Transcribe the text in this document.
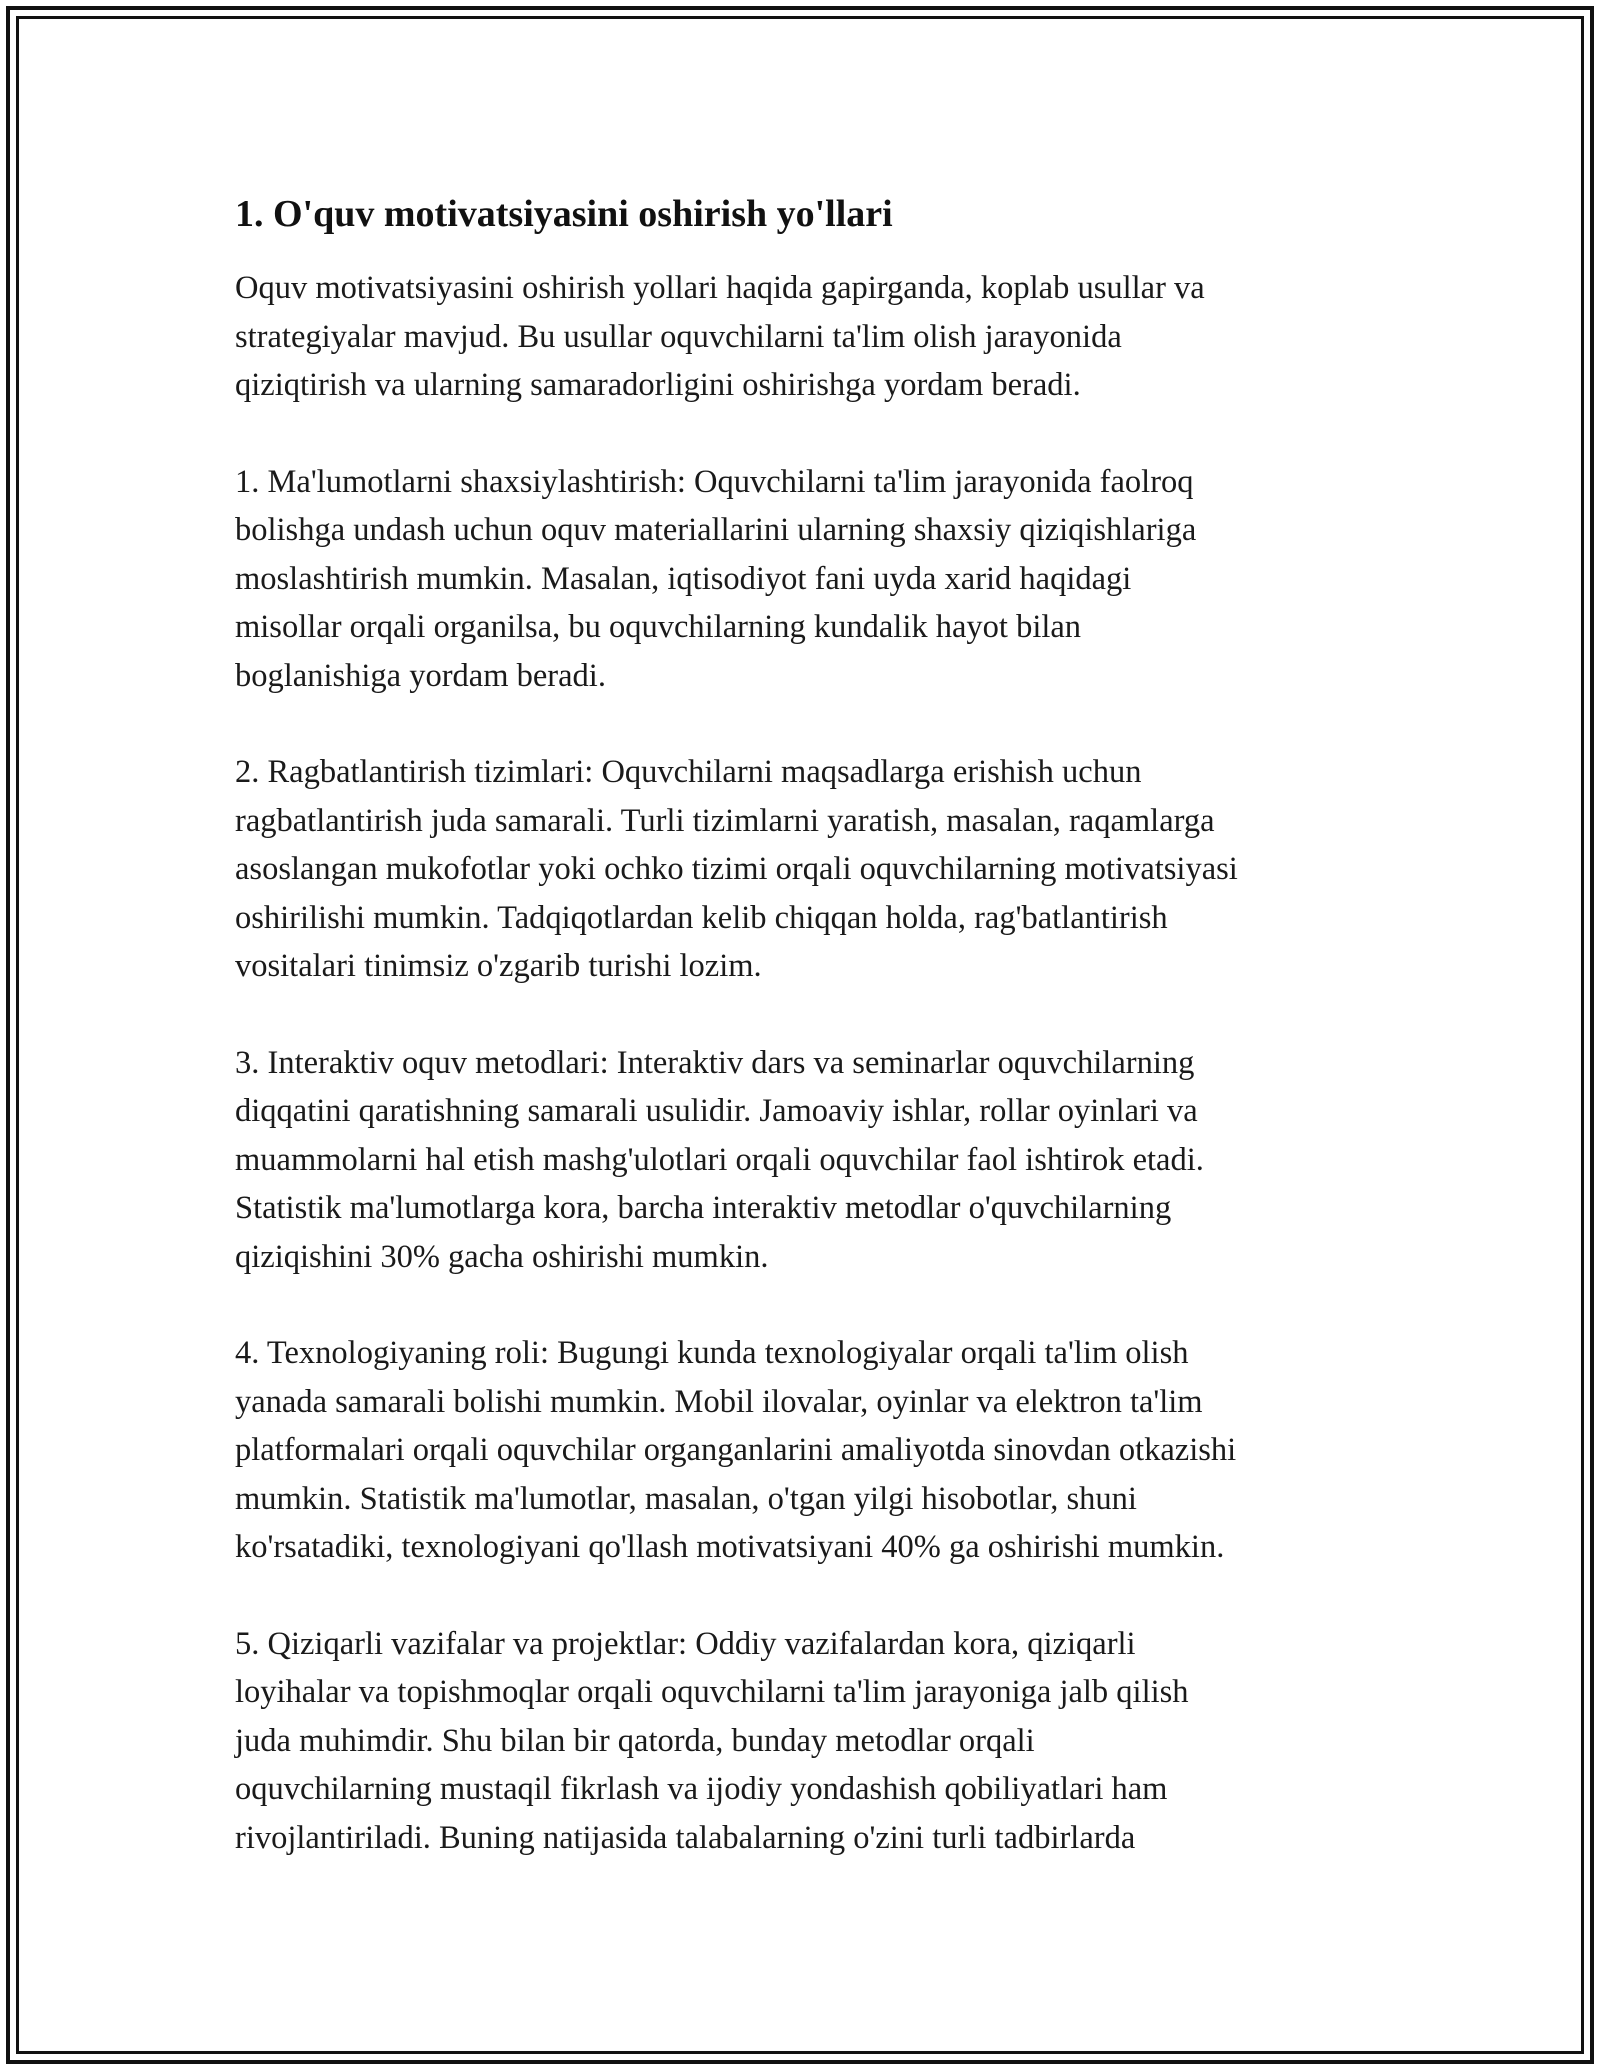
1. O'quv motivatsiyasini oshirish yo'llari

Oquv motivatsiyasini oshirish yollari haqida gapirganda, koplab usullar va
strategiyalar mavjud. Bu usullar oquvchilarni ta'lim olish jarayonida
qiziqtirish va ularning samaradorligini oshirishga yordam beradi.

1. Ma'lumotlarni shaxsiylashtirish: Oquvchilarni ta'lim jarayonida faolroq
bolishga undash uchun oquv materiallarini ularning shaxsiy qiziqishlariga
moslashtirish mumkin. Masalan, iqtisodiyot fani uyda xarid haqidagi
misollar orqali organilsa, bu oquvchilarning kundalik hayot bilan
boglanishiga yordam beradi.

2. Ragbatlantirish tizimlari: Oquvchilarni maqsadlarga erishish uchun
ragbatlantirish juda samarali. Turli tizimlarni yaratish, masalan, raqamlarga
asoslangan mukofotlar yoki ochko tizimi orqali oquvchilarning motivatsiyasi
oshirilishi mumkin. Tadqiqotlardan kelib chiqqan holda, rag'batlantirish
vositalari tinimsiz o'zgarib turishi lozim.

3. Interaktiv oquv metodlari: Interaktiv dars va seminarlar oquvchilarning
diqqatini qaratishning samarali usulidir. Jamoaviy ishlar, rollar oyinlari va
muammolarni hal etish mashg'ulotlari orqali oquvchilar faol ishtirok etadi.
Statistik ma'lumotlarga kora, barcha interaktiv metodlar o'quvchilarning
qiziqishini 30% gacha oshirishi mumkin.

4. Texnologiyaning roli: Bugungi kunda texnologiyalar orqali ta'lim olish
yanada samarali bolishi mumkin. Mobil ilovalar, oyinlar va elektron ta'lim
platformalari orqali oquvchilar organganlarini amaliyotda sinovdan otkazishi
mumkin. Statistik ma'lumotlar, masalan, o'tgan yilgi hisobotlar, shuni
ko'rsatadiki, texnologiyani qo'llash motivatsiyani 40% ga oshirishi mumkin.

5. Qiziqarli vazifalar va projektlar: Oddiy vazifalardan kora, qiziqarli
loyihalar va topishmoqlar orqali oquvchilarni ta'lim jarayoniga jalb qilish
juda muhimdir. Shu bilan bir qatorda, bunday metodlar orqali
oquvchilarning mustaqil fikrlash va ijodiy yondashish qobiliyatlari ham
rivojlantiriladi. Buning natijasida talabalarning o'zini turli tadbirlarda
